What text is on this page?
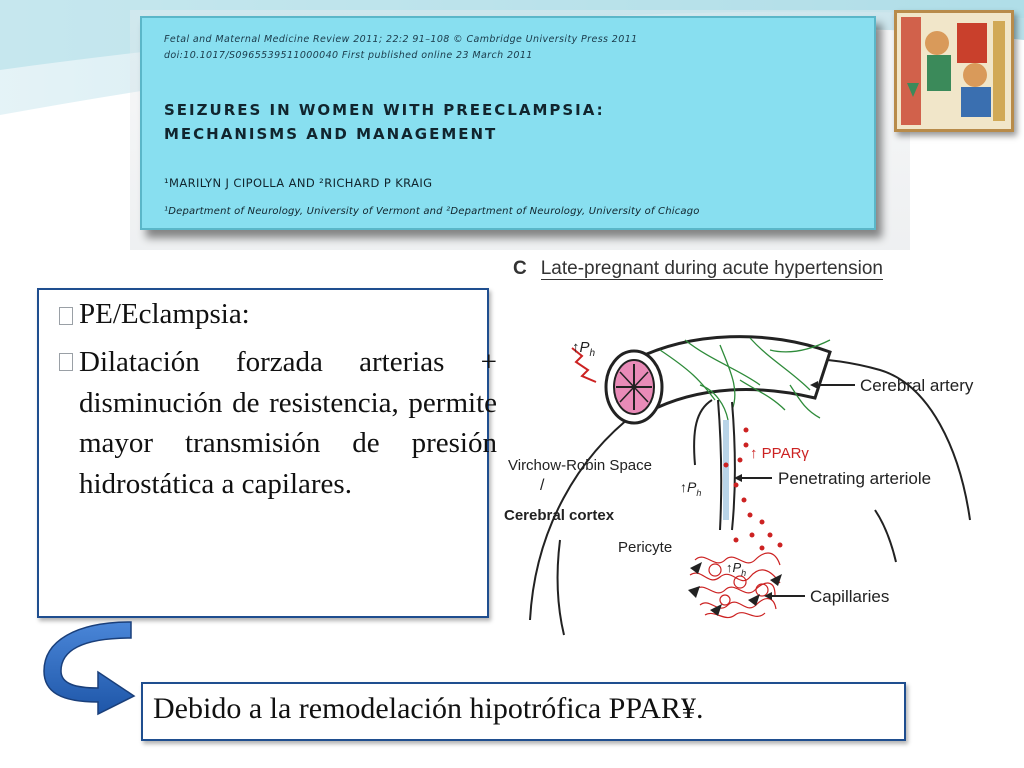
Fetal and Maternal Medicine Review 2011; 22:2 91–108 © Cambridge University Press 2011
doi:10.1017/S0965539511000040 First published online 23 March 2011
SEIZURES IN WOMEN WITH PREECLAMPSIA:
MECHANISMS AND MANAGEMENT
¹MARILYN J CIPOLLA AND ²RICHARD P KRAIG
¹Department of Neurology, University of Vermont and ²Department of Neurology, University of Chicago
PE/Eclampsia:
Dilatación forzada arterias + disminución de resistencia, permite mayor transmisión de presión hidrostática a capilares.
C Late-pregnant during acute hypertension
$↑P_h$
Cerebral artery
↑ PPARγ
Virchow-Robin Space
/	Penetrating arteriole
$↑P_h$
Cerebral cortex
Pericyte
$↑P_h$
Capillaries
Debido a la remodelación hipotrófica PPAR¥.
